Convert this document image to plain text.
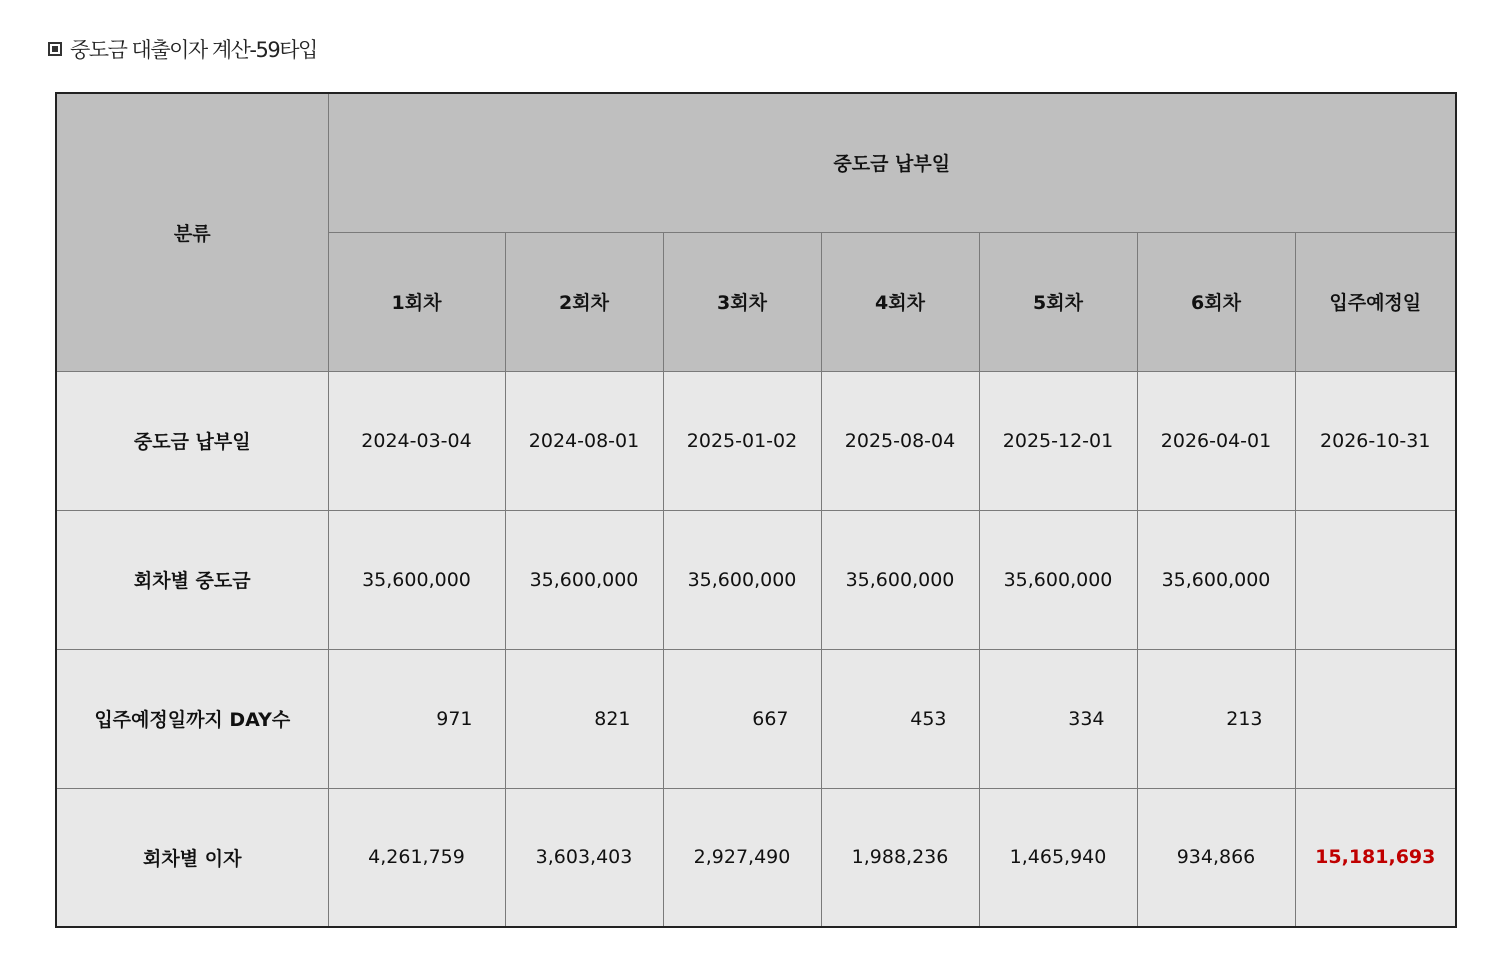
중도금 대출이자 계산-59타입
분류	중도금 납부일						
	1회차	2회차	3회차	4회차	5회차	6회차	입주예정일
중도금 납부일	2024-03-04	2024-08-01	2025-01-02	2025-08-04	2025-12-01	2026-04-01	2026-10-31
회차별 중도금	35,600,000	35,600,000	35,600,000	35,600,000	35,600,000	35,600,000	
입주예정일까지 DAY수	971	821	667	453	334	213	
회차별 이자	4,261,759	3,603,403	2,927,490	1,988,236	1,465,940	934,866	15,181,693
